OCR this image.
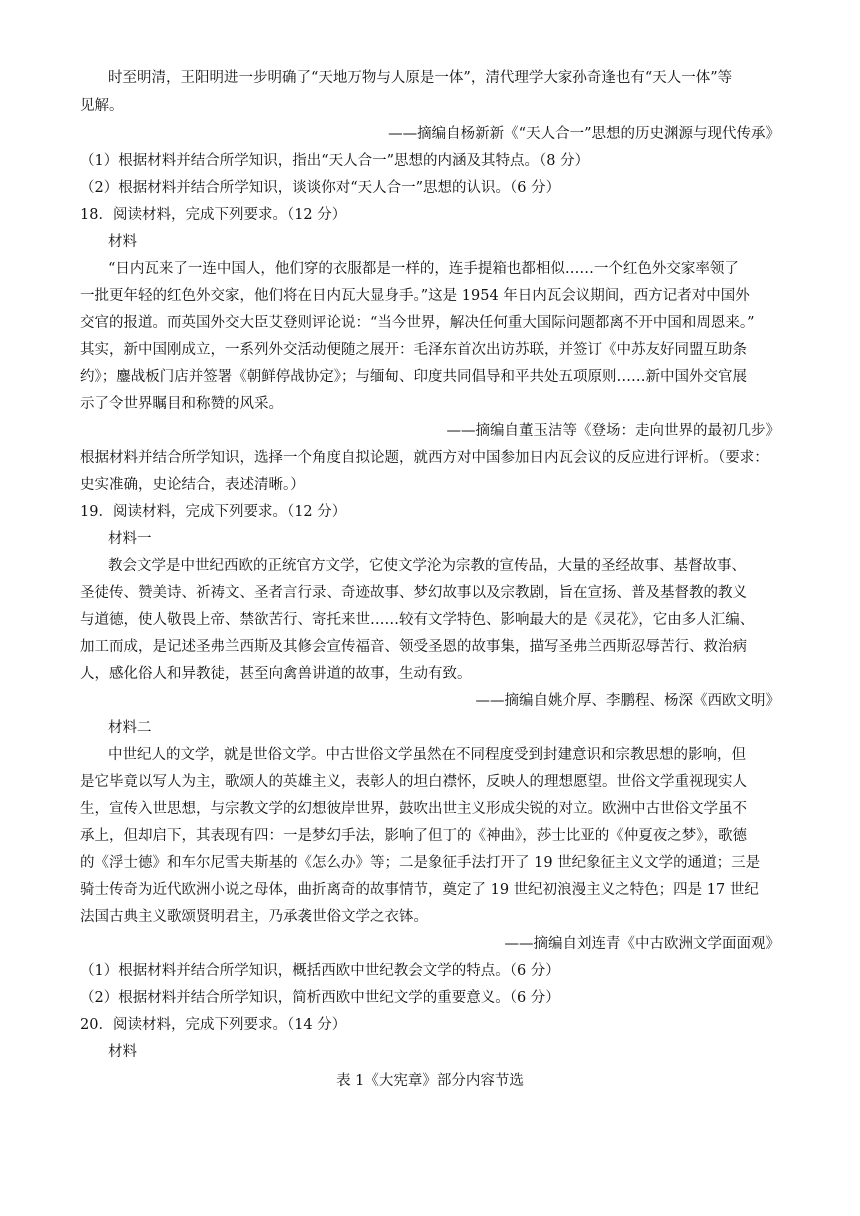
时至明清，王阳明进一步明确了“天地万物与人原是一体”，清代理学大家孙奇逢也有“天人一体”等
见解。
——摘编自杨新新《“天人合一”思想的历史渊源与现代传承》
（1）根据材料并结合所学知识，指出“天人合一”思想的内涵及其特点。（8 分）
（2）根据材料并结合所学知识，谈谈你对“天人合一”思想的认识。（6 分）
18．阅读材料，完成下列要求。（12 分）
材料
“日内瓦来了一连中国人，他们穿的衣服都是一样的，连手提箱也都相似……一个红色外交家率领了
一批更年轻的红色外交家，他们将在日内瓦大显身手。”这是 1954 年日内瓦会议期间，西方记者对中国外
交官的报道。而英国外交大臣艾登则评论说：“当今世界，解决任何重大国际问题都离不开中国和周恩来。”
其实，新中国刚成立，一系列外交活动便随之展开：毛泽东首次出访苏联，并签订《中苏友好同盟互助条
约》；鏖战板门店并签署《朝鲜停战协定》；与缅甸、印度共同倡导和平共处五项原则……新中国外交官展
示了令世界瞩目和称赞的风采。
——摘编自董玉洁等《登场：走向世界的最初几步》
根据材料并结合所学知识，选择一个角度自拟论题，就西方对中国参加日内瓦会议的反应进行评析。（要求：
史实准确，史论结合，表述清晰。）
19．阅读材料，完成下列要求。（12 分）
材料一
教会文学是中世纪西欧的正统官方文学，它使文学沦为宗教的宣传品，大量的圣经故事、基督故事、
圣徒传、赞美诗、祈祷文、圣者言行录、奇迹故事、梦幻故事以及宗教剧，旨在宣扬、普及基督教的教义
与道德，使人敬畏上帝、禁欲苦行、寄托来世……较有文学特色、影响最大的是《灵花》，它由多人汇编、
加工而成，是记述圣弗兰西斯及其修会宣传福音、领受圣恩的故事集，描写圣弗兰西斯忍辱苦行、救治病
人，感化俗人和异教徒，甚至向禽兽讲道的故事，生动有致。
——摘编自姚介厚、李鹏程、杨深《西欧文明》
材料二
中世纪人的文学，就是世俗文学。中古世俗文学虽然在不同程度受到封建意识和宗教思想的影响，但
是它毕竟以写人为主，歌颂人的英雄主义，表彰人的坦白襟怀，反映人的理想愿望。世俗文学重视现实人
生，宣传入世思想，与宗教文学的幻想彼岸世界，鼓吹出世主义形成尖锐的对立。欧洲中古世俗文学虽不
承上，但却启下，其表现有四：一是梦幻手法，影响了但丁的《神曲》，莎士比亚的《仲夏夜之梦》，歌德
的《浮士德》和车尔尼雪夫斯基的《怎么办》等；二是象征手法打开了 19 世纪象征主义文学的通道；三是
骑士传奇为近代欧洲小说之母体，曲折离奇的故事情节，奠定了 19 世纪初浪漫主义之特色；四是 17 世纪
法国古典主义歌颂贤明君主，乃承袭世俗文学之衣钵。
——摘编自刘连青《中古欧洲文学面面观》
（1）根据材料并结合所学知识，概括西欧中世纪教会文学的特点。（6 分）
（2）根据材料并结合所学知识，简析西欧中世纪文学的重要意义。（6 分）
20．阅读材料，完成下列要求。（14 分）
材料
表 1《大宪章》部分内容节选
